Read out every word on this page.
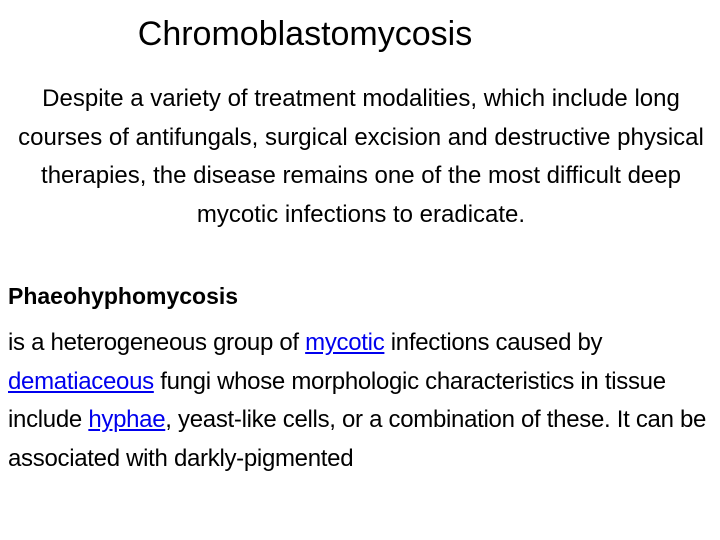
Chromoblastomycosis
Despite a variety of treatment modalities, which include long courses of antifungals, surgical excision and destructive physical therapies, the disease remains one of the most difficult deep mycotic infections to eradicate.
Phaeohyphomycosis
is a heterogeneous group of mycotic infections caused by dematiaceous fungi whose morphologic characteristics in tissue include hyphae, yeast-like cells, or a combination of these. It can be associated with darkly-pigmented
